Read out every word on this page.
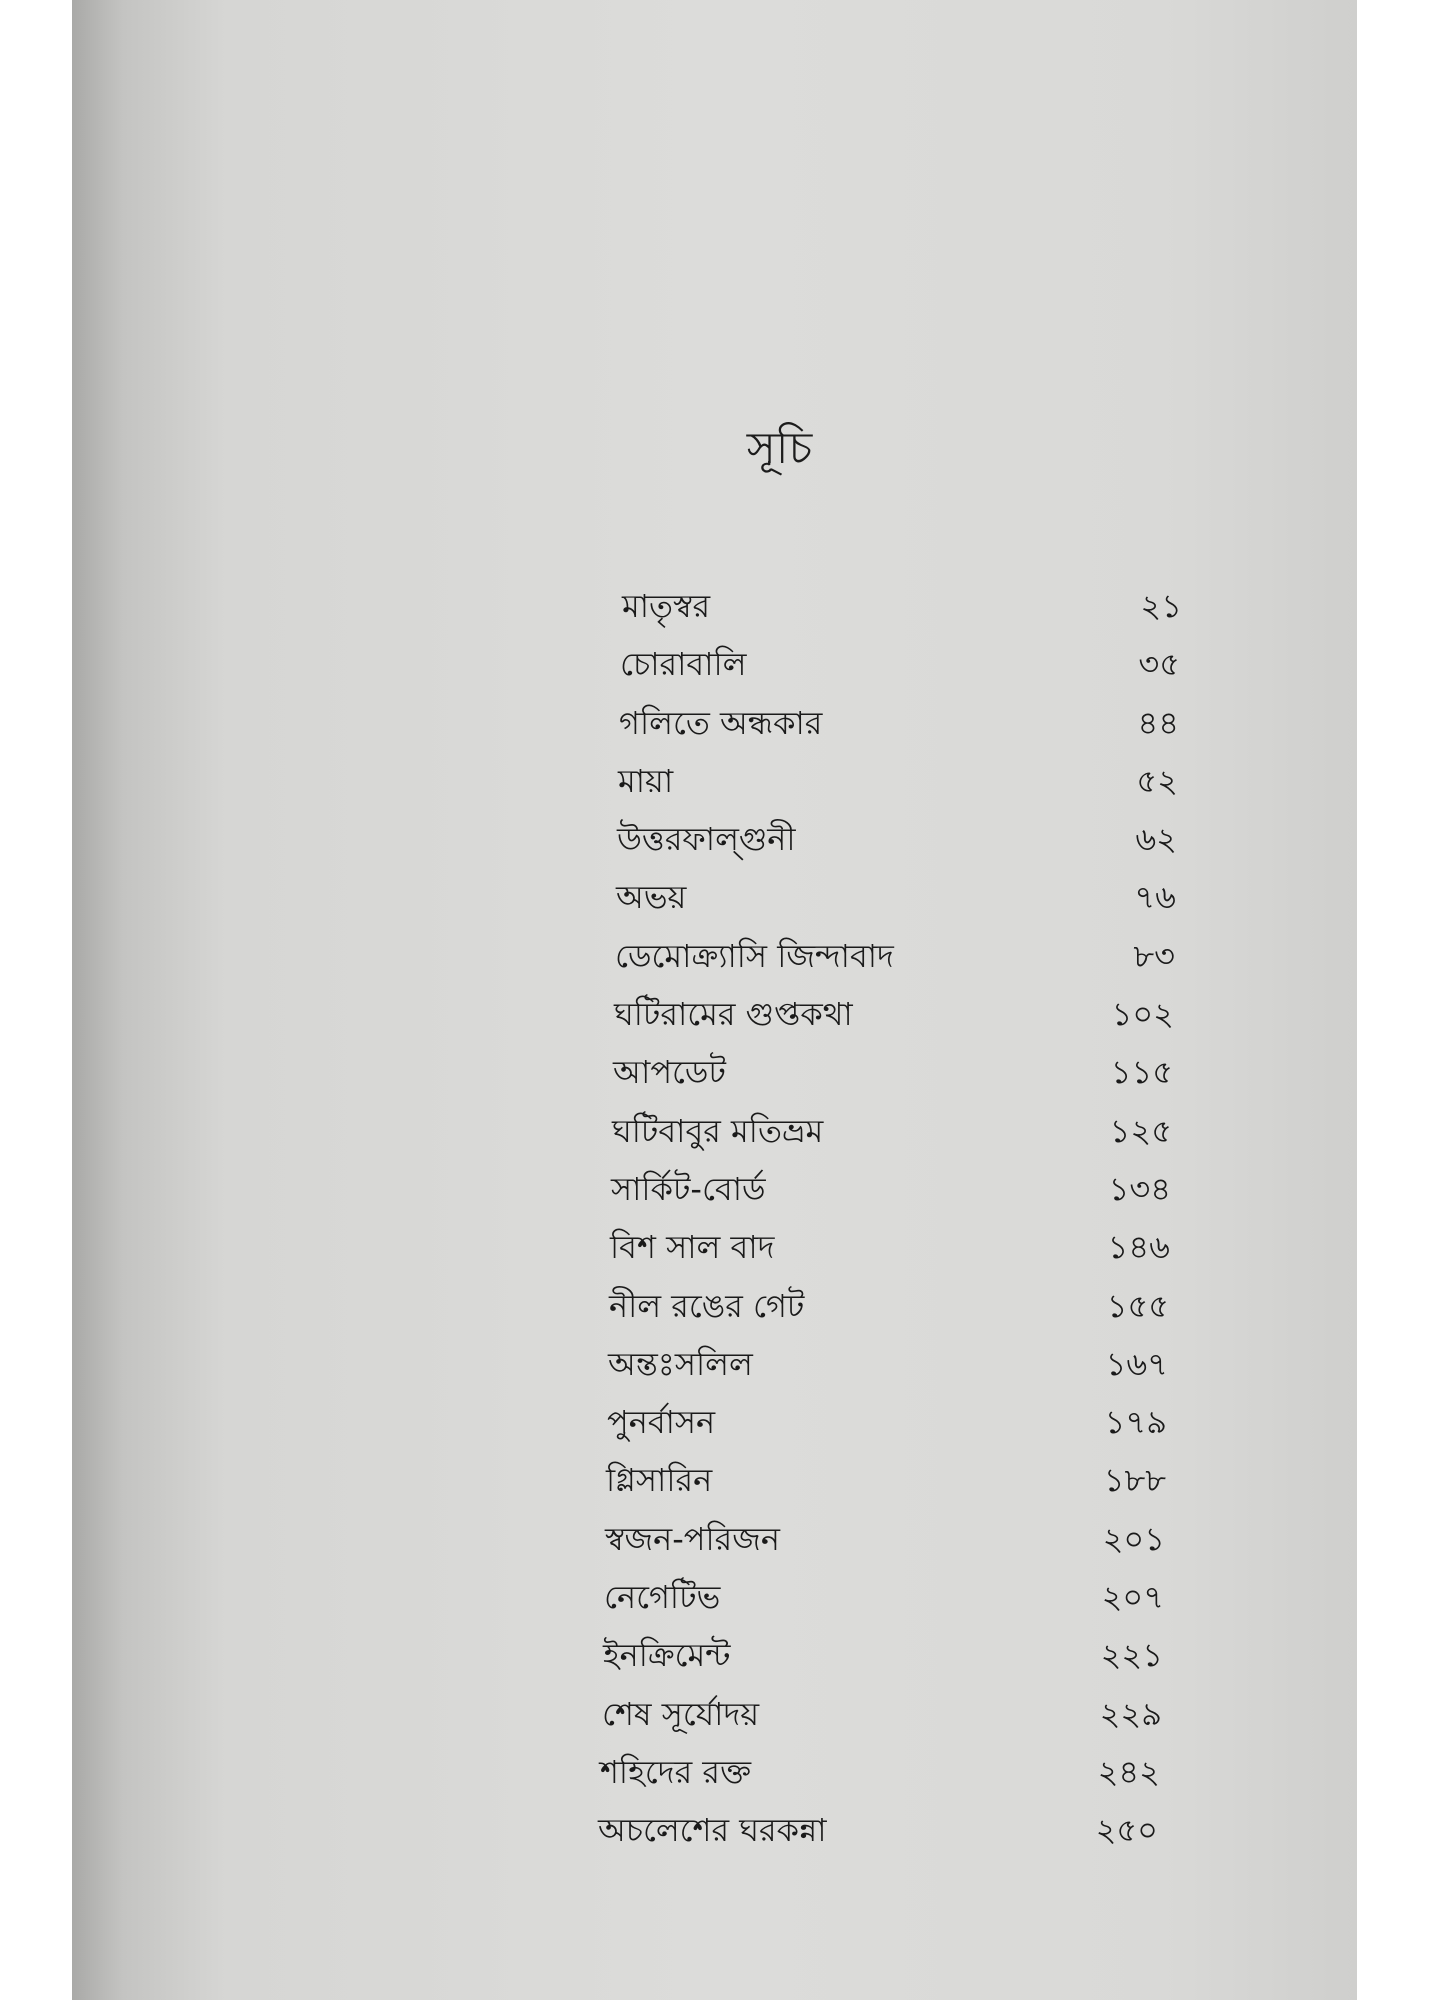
সূচি
মাতৃস্বর	২১
চোরাবালি	৩৫
গলিতে অন্ধকার	৪৪
মায়া	৫২
উত্তরফাল্গুনী	৬২
অভয়	৭৬
ডেমোক্র্যাসি জিন্দাবাদ	৮৩
ঘটিরামের গুপ্তকথা	১০২
আপডেট	১১৫
ঘটিবাবুর মতিভ্রম	১২৫
সার্কিট-বোর্ড	১৩৪
বিশ সাল বাদ	১৪৬
নীল রঙের গেট	১৫৫
অন্তঃসলিল	১৬৭
পুনর্বাসন	১৭৯
গ্লিসারিন	১৮৮
স্বজন-পরিজন	২০১
নেগেটিভ	২০৭
ইনক্রিমেন্ট	২২১
শেষ সূর্যোদয়	২২৯
শহিদের রক্ত	২৪২
অচলেশের ঘরকন্না	২৫০
